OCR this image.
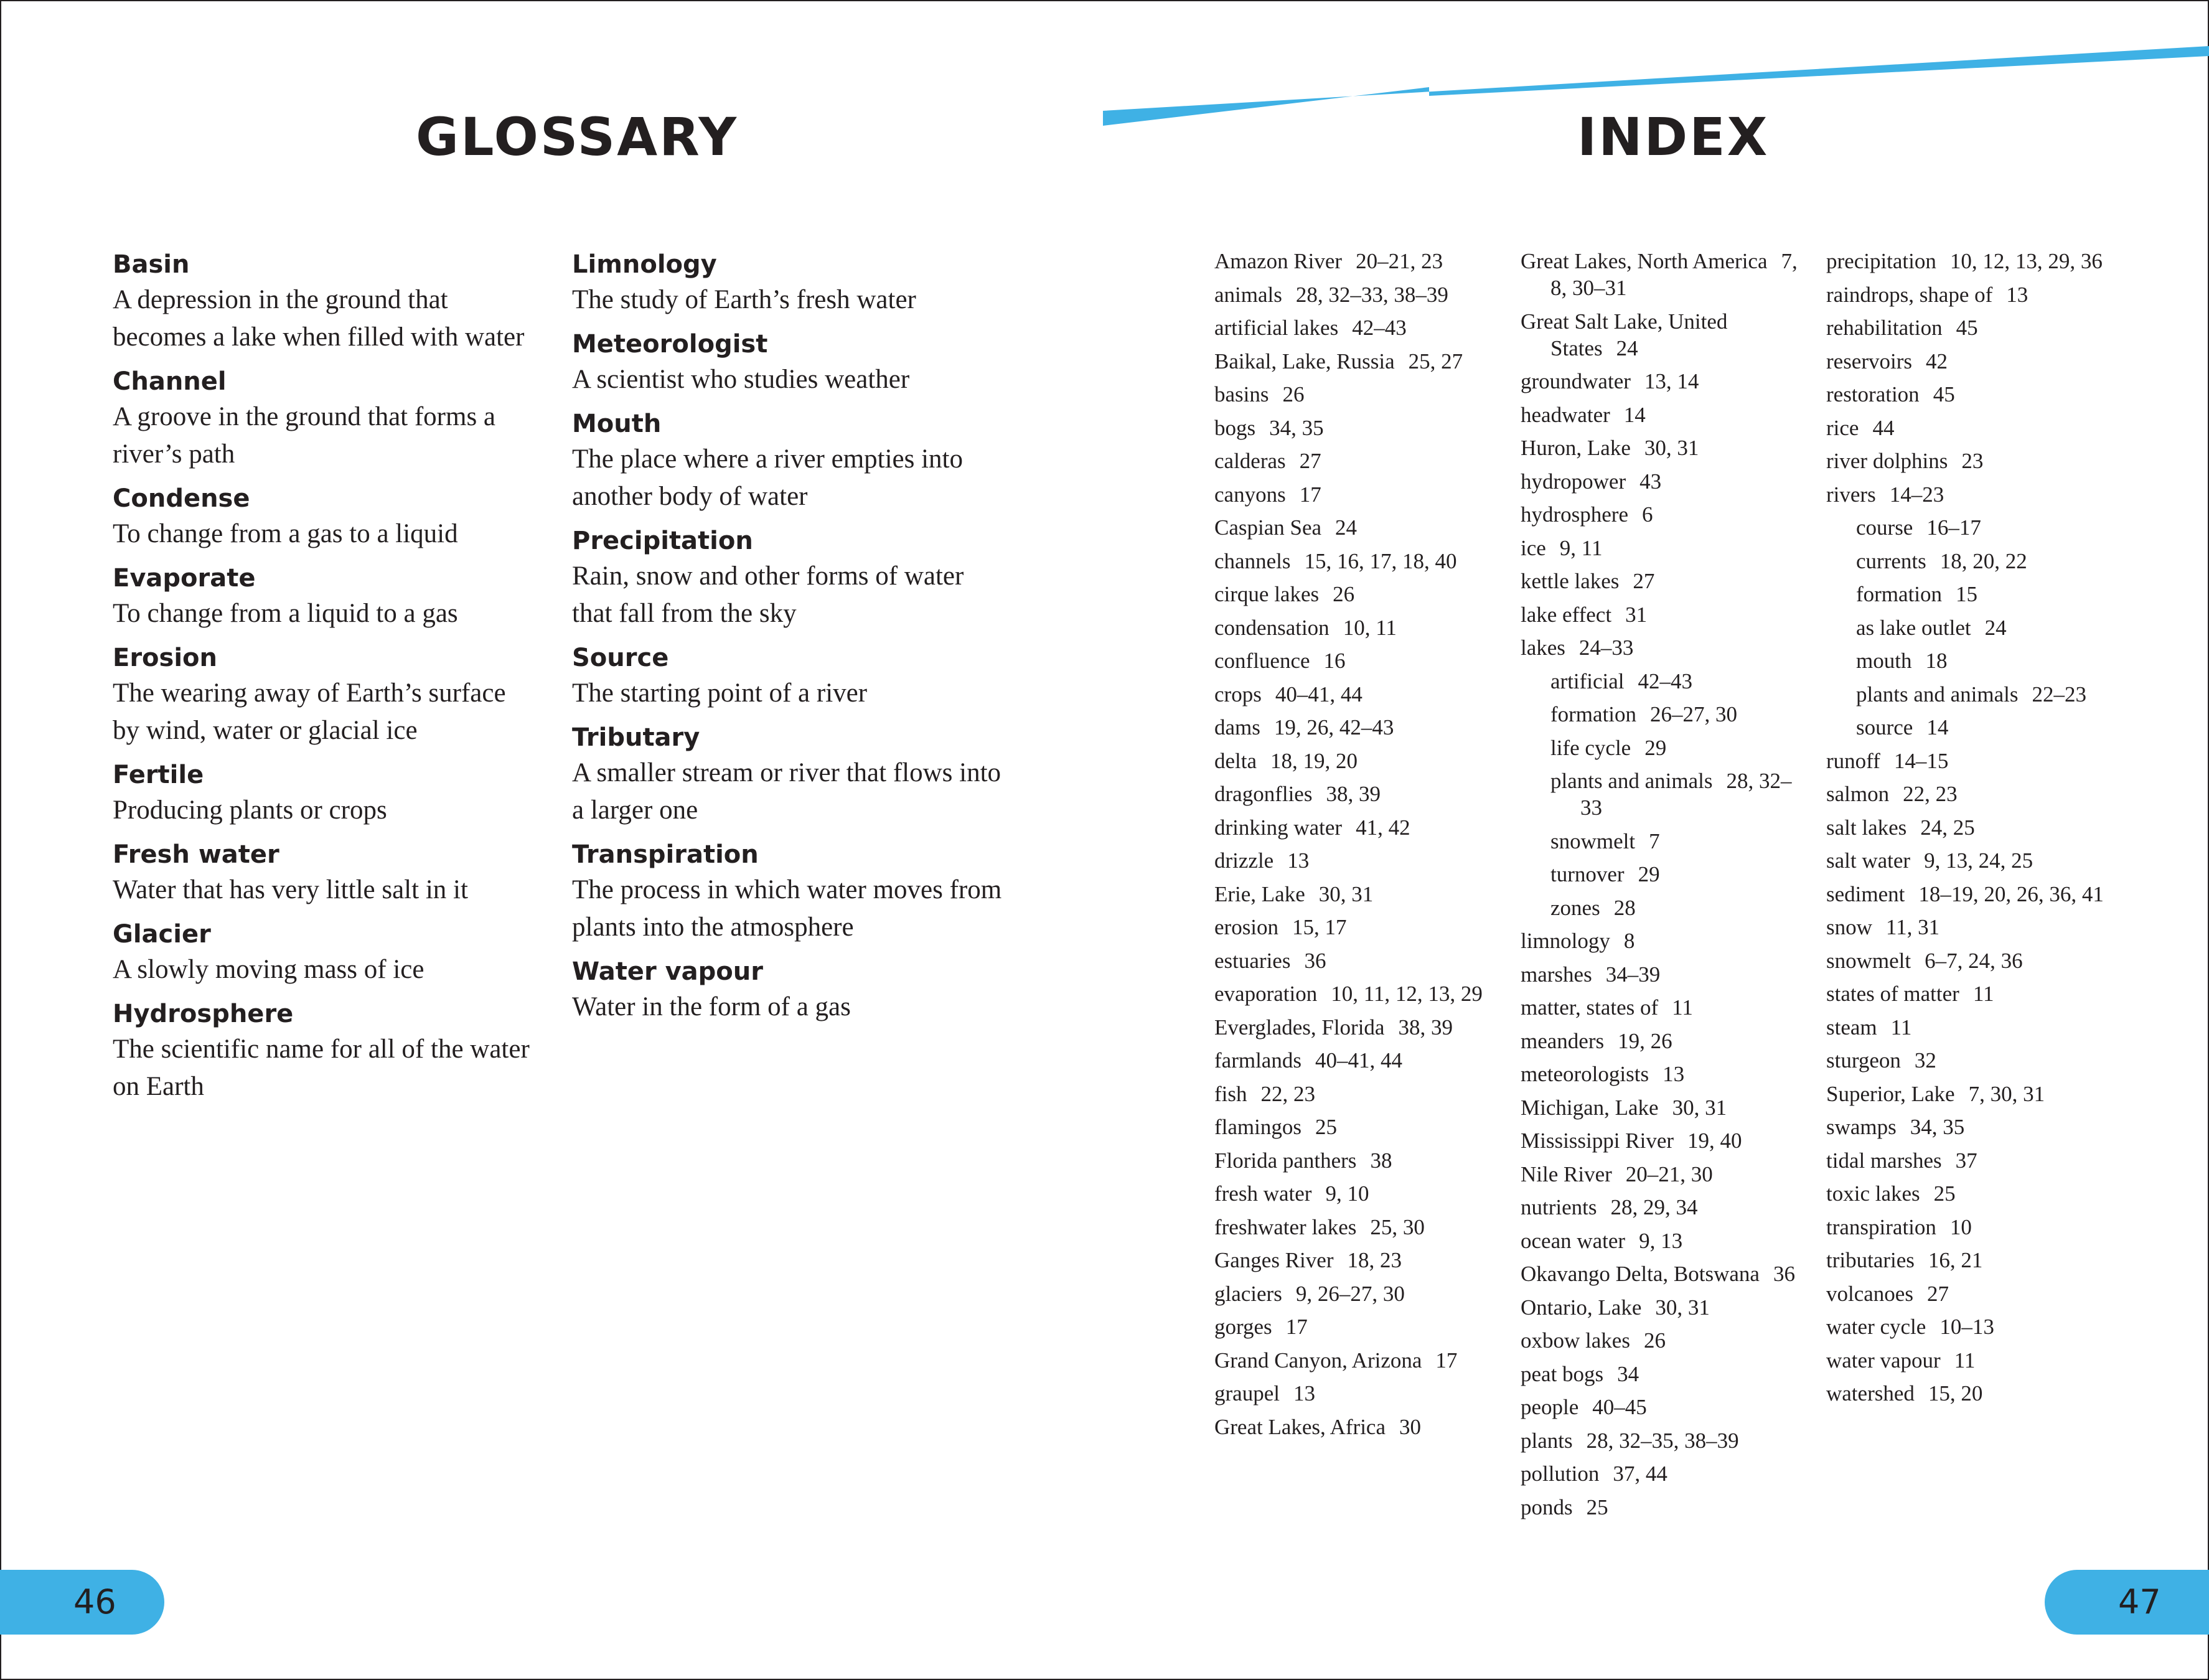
GLOSSARY	INDEX
Basin
A depression in the ground that becomes a lake when filled with water
Channel
A groove in the ground that forms a river’s path
Condense
To change from a gas to a liquid
Evaporate
To change from a liquid to a gas
Erosion
The wearing away of Earth’s surface by wind, water or glacial ice
Fertile
Producing plants or crops
Fresh water
Water that has very little salt in it
Glacier
A slowly moving mass of ice
Hydrosphere
The scientific name for all of the water on Earth
Limnology
The study of Earth’s fresh water
Meteorologist
A scientist who studies weather
Mouth
The place where a river empties into another body of water
Precipitation
Rain, snow and other forms of water that fall from the sky
Source
The starting point of a river
Tributary
A smaller stream or river that flows into a larger one
Transpiration
The process in which water moves from plants into the atmosphere
Water vapour
Water in the form of a gas
Amazon River 20–21, 23
animals 28, 32–33, 38–39
artificial lakes 42–43
Baikal, Lake, Russia 25, 27
basins 26
bogs 34, 35
calderas 27
canyons 17
Caspian Sea 24
channels 15, 16, 17, 18, 40
cirque lakes 26
condensation 10, 11
confluence 16
crops 40–41, 44
dams 19, 26, 42–43
delta 18, 19, 20
dragonflies 38, 39
drinking water 41, 42
drizzle 13
Erie, Lake 30, 31
erosion 15, 17
estuaries 36
evaporation 10, 11, 12, 13, 29
Everglades, Florida 38, 39
farmlands 40–41, 44
fish 22, 23
flamingos 25
Florida panthers 38
fresh water 9, 10
freshwater lakes 25, 30
Ganges River 18, 23
glaciers 9, 26–27, 30
gorges 17
Grand Canyon, Arizona 17
graupel 13
Great Lakes, Africa 30
Great Lakes, North America 7, 8, 30–31
Great Salt Lake, United States 24
groundwater 13, 14
headwater 14
Huron, Lake 30, 31
hydropower 43
hydrosphere 6
ice 9, 11
kettle lakes 27
lake effect 31
lakes 24–33
artificial 42–43
formation 26–27, 30
life cycle 29
plants and animals 28, 32–33
snowmelt 7
turnover 29
zones 28
limnology 8
marshes 34–39
matter, states of 11
meanders 19, 26
meteorologists 13
Michigan, Lake 30, 31
Mississippi River 19, 40
Nile River 20–21, 30
nutrients 28, 29, 34
ocean water 9, 13
Okavango Delta, Botswana 36
Ontario, Lake 30, 31
oxbow lakes 26
peat bogs 34
people 40–45
plants 28, 32–35, 38–39
pollution 37, 44
ponds 25
precipitation 10, 12, 13, 29, 36
raindrops, shape of 13
rehabilitation 45
reservoirs 42
restoration 45
rice 44
river dolphins 23
rivers 14–23
course 16–17
currents 18, 20, 22
formation 15
as lake outlet 24
mouth 18
plants and animals 22–23
source 14
runoff 14–15
salmon 22, 23
salt lakes 24, 25
salt water 9, 13, 24, 25
sediment 18–19, 20, 26, 36, 41
snow 11, 31
snowmelt 6–7, 24, 36
states of matter 11
steam 11
sturgeon 32
Superior, Lake 7, 30, 31
swamps 34, 35
tidal marshes 37
toxic lakes 25
transpiration 10
tributaries 16, 21
volcanoes 27
water cycle 10–13
water vapour 11
watershed 15, 20
46	47
